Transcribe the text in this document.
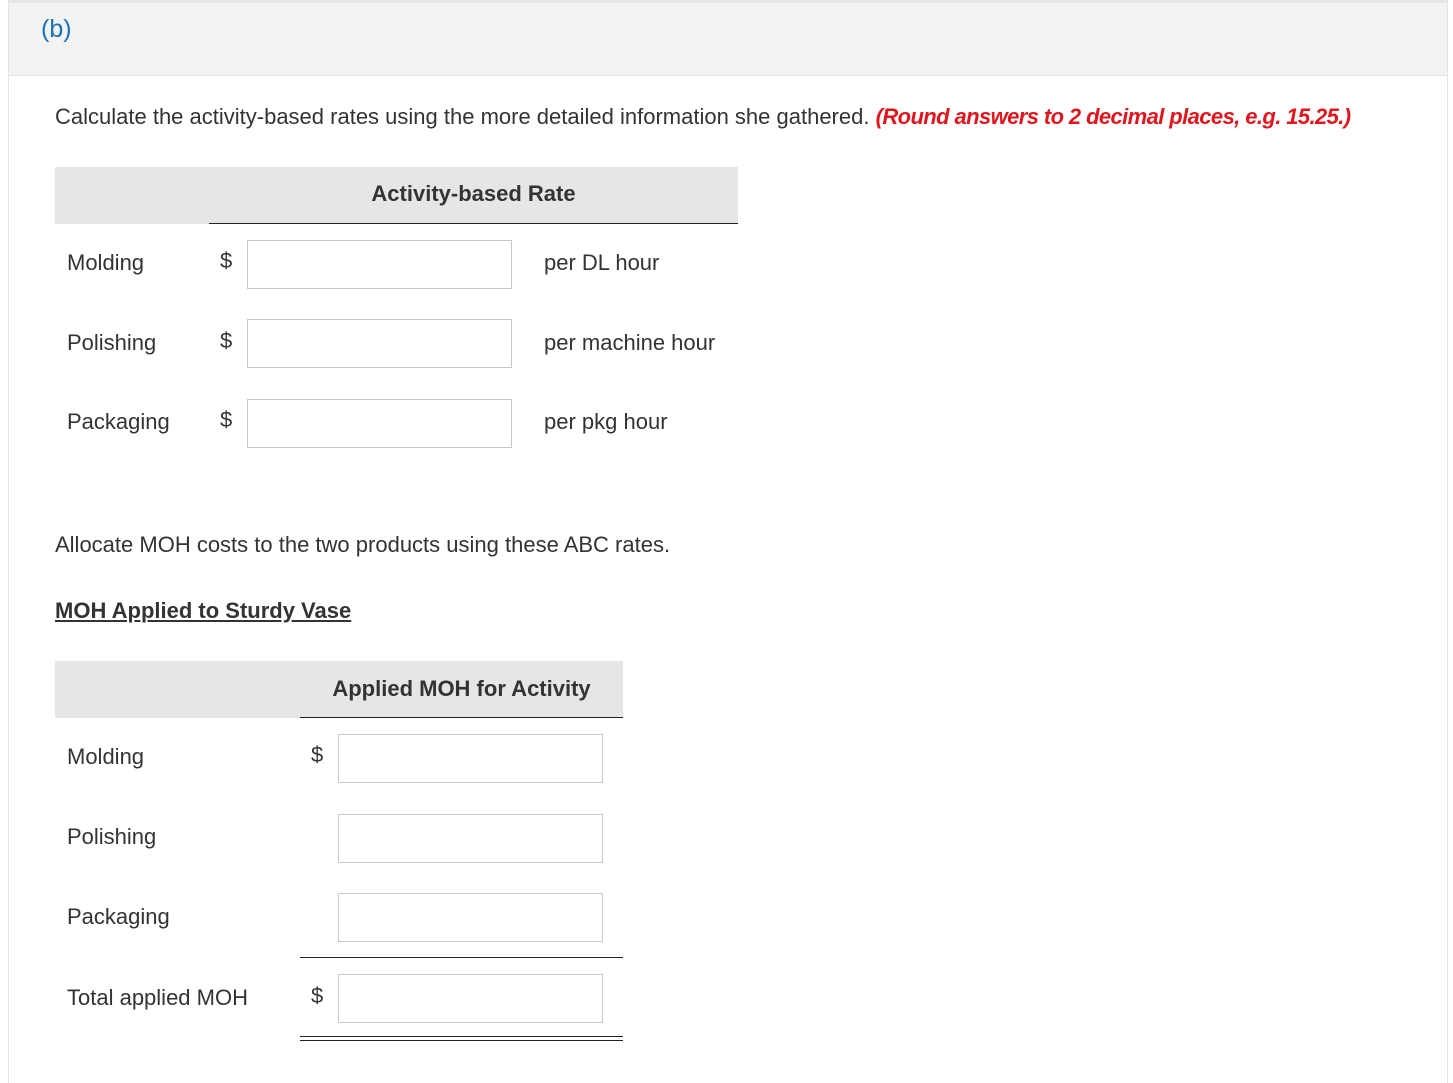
(b)
Calculate the activity-based rates using the more detailed information she gathered. (Round answers to 2 decimal places, e.g. 15.25.)
Activity-based Rate
Molding	$	per DL hour
Polishing	$	per machine hour
Packaging $	per pkg hour
Allocate MOH costs to the two products using these ABC rates.
MOH Applied to Sturdy Vase
Applied MOH for Activity
Molding	$
Polishing
Packaging
Total applied MOH	$
